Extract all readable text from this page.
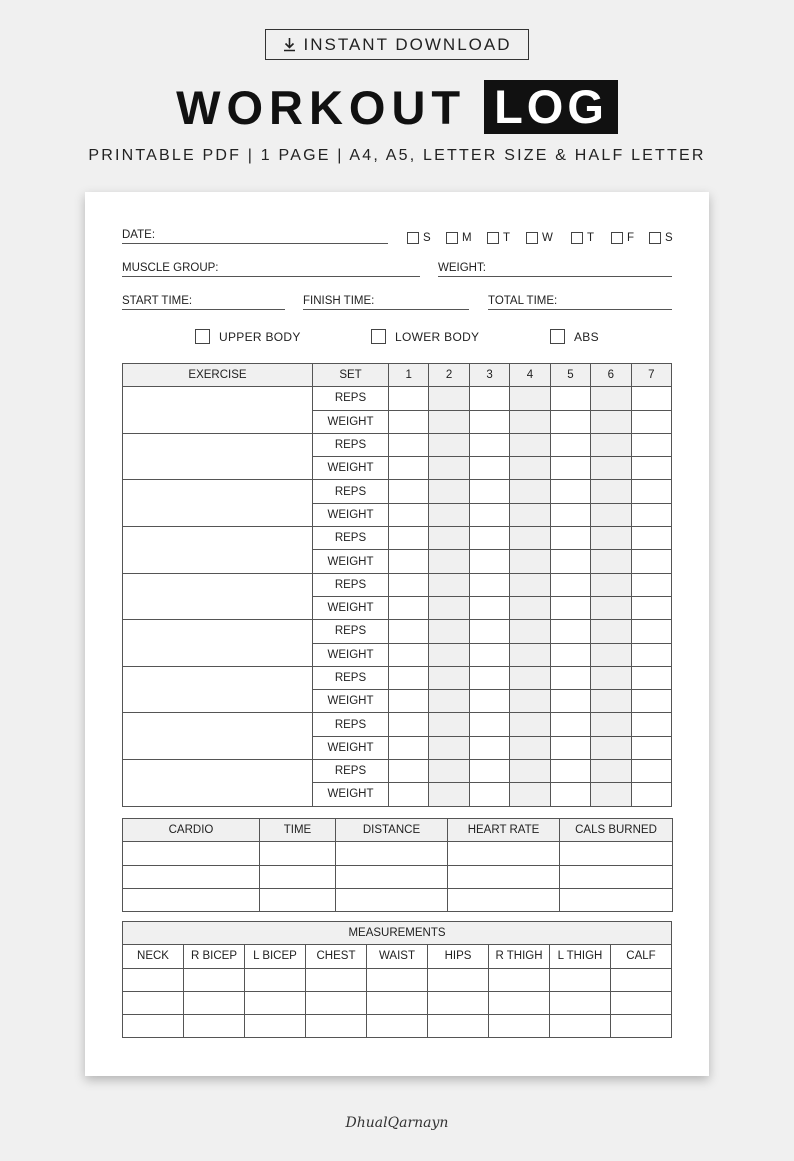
INSTANT DOWNLOAD
WORKOUT LOG
PRINTABLE PDF | 1 PAGE | A4, A5, LETTER SIZE & HALF LETTER
DATE:	S	M	T	W	T	F	S
MUSCLE GROUP:	WEIGHT:
START TIME:	FINISH TIME:	TOTAL TIME:
UPPER BODY	LOWER BODY	ABS
EXERCISE	SET	1	2	3	4	5	6	7
	REPS							
	WEIGHT							
	REPS							
	WEIGHT							
	REPS							
	WEIGHT							
	REPS							
	WEIGHT							
	REPS							
	WEIGHT							
	REPS							
	WEIGHT							
	REPS							
	WEIGHT							
	REPS							
	WEIGHT							
	REPS							
	WEIGHT							
CARDIO	TIME	DISTANCE	HEART RATE	CALS BURNED

MEASUREMENTS								
NECK	R BICEP	L BICEP	CHEST	WAIST	HIPS	R THIGH	L THIGH	CALF

DhualQarnayn
